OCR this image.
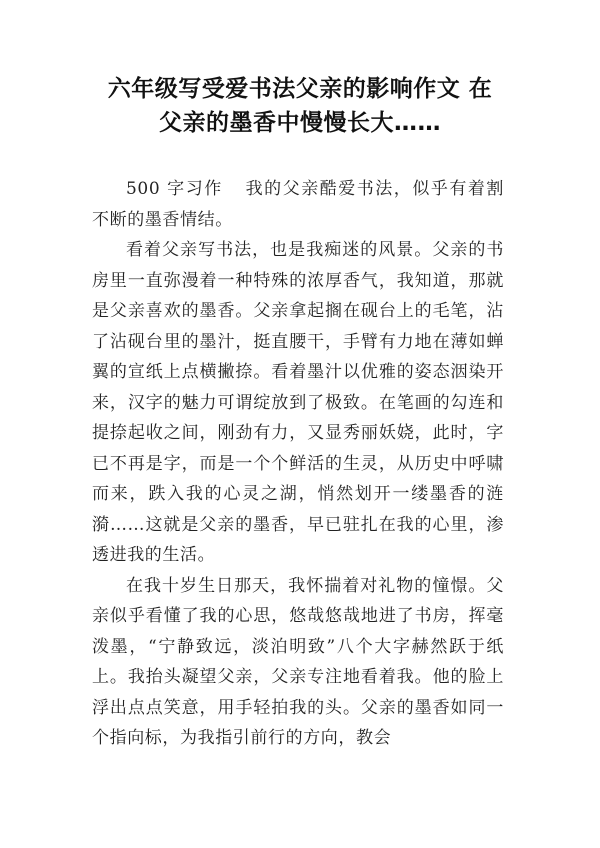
六年级写受爱书法父亲的影响作文 在
父亲的墨香中慢慢长大……

500 字习作 我的父亲酷爱书法，似乎有着割不断的墨香情结。

看着父亲写书法，也是我痴迷的风景。父亲的书房里一直弥漫着一种特殊的浓厚香气，我知道，那就是父亲喜欢的墨香。父亲拿起搁在砚台上的毛笔，沾了沾砚台里的墨汁，挺直腰干，手臂有力地在薄如蝉翼的宣纸上点横撇捺。看着墨汁以优雅的姿态洇染开来，汉字的魅力可谓绽放到了极致。在笔画的勾连和提捺起收之间，刚劲有力，又显秀丽妖娆，此时，字已不再是字，而是一个个鲜活的生灵，从历史中呼啸而来，跌入我的心灵之湖，悄然划开一缕墨香的涟漪……这就是父亲的墨香，早已驻扎在我的心里，渗透进我的生活。

在我十岁生日那天，我怀揣着对礼物的憧憬。父亲似乎看懂了我的心思，悠哉悠哉地进了书房，挥毫泼墨，“宁静致远，淡泊明致”八个大字赫然跃于纸上。我抬头凝望父亲，父亲专注地看着我。他的脸上浮出点点笑意，用手轻拍我的头。父亲的墨香如同一个指向标，为我指引前行的方向，教会
